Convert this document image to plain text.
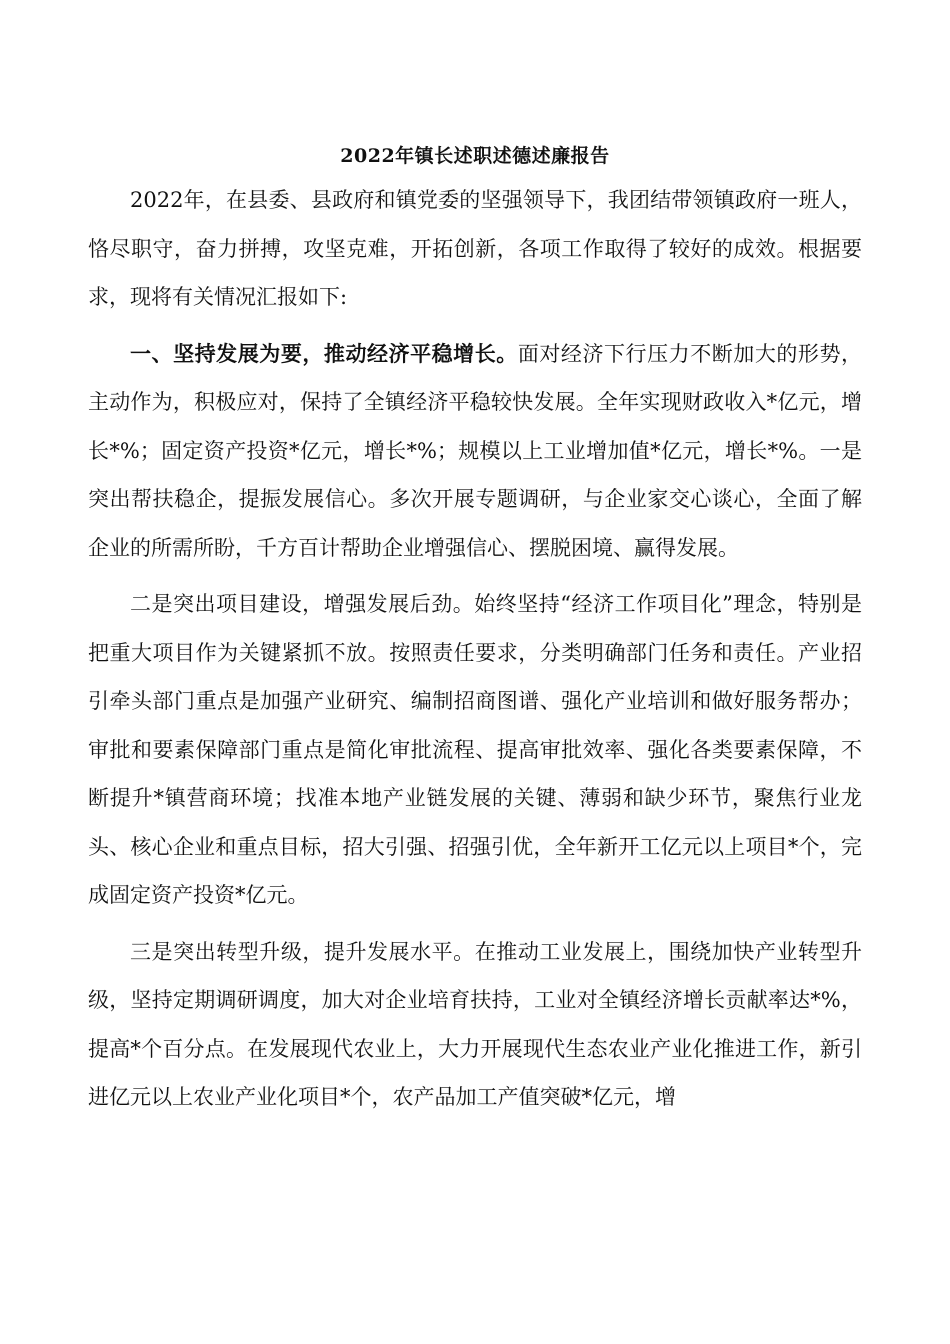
2022年镇长述职述德述廉报告

2022年，在县委、县政府和镇党委的坚强领导下，我团结带领镇政府一班人，恪尽职守，奋力拼搏，攻坚克难，开拓创新，各项工作取得了较好的成效。根据要求，现将有关情况汇报如下:

一、坚持发展为要，推动经济平稳增长。面对经济下行压力不断加大的形势，主动作为，积极应对，保持了全镇经济平稳较快发展。全年实现财政收入*亿元，增长*%；固定资产投资*亿元，增长*%；规模以上工业增加值*亿元，增长*%。一是突出帮扶稳企，提振发展信心。多次开展专题调研，与企业家交心谈心，全面了解企业的所需所盼，千方百计帮助企业增强信心、摆脱困境、赢得发展。

二是突出项目建设，增强发展后劲。始终坚持“经济工作项目化”理念，特别是把重大项目作为关键紧抓不放。按照责任要求，分类明确部门任务和责任。产业招引牵头部门重点是加强产业研究、编制招商图谱、强化产业培训和做好服务帮办；审批和要素保障部门重点是简化审批流程、提高审批效率、强化各类要素保障，不断提升*镇营商环境；找准本地产业链发展的关键、薄弱和缺少环节，聚焦行业龙头、核心企业和重点目标，招大引强、招强引优，全年新开工亿元以上项目*个，完成固定资产投资*亿元。

三是突出转型升级，提升发展水平。在推动工业发展上，围绕加快产业转型升级，坚持定期调研调度，加大对企业培育扶持，工业对全镇经济增长贡献率达*%，提高*个百分点。在发展现代农业上，大力开展现代生态农业产业化推进工作，新引进亿元以上农业产业化项目*个，农产品加工产值突破*亿元，增
